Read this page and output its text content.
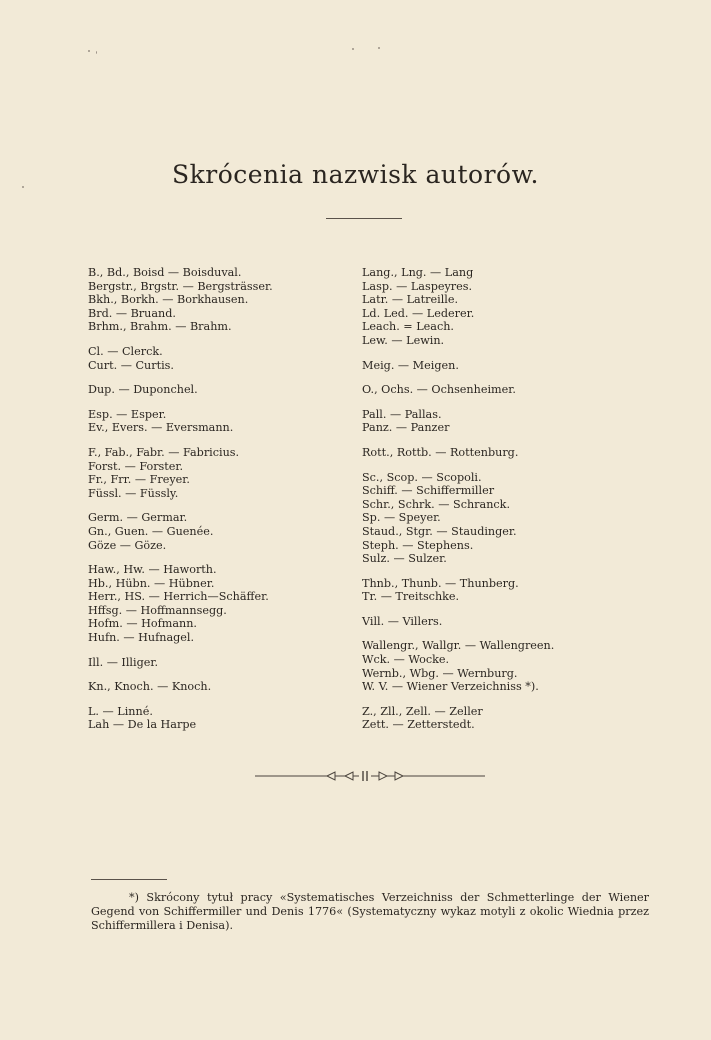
Skrócenia nazwisk autorów.
B., Bd., Boisd — Boisduval.
Bergstr., Brgstr. — Bergsträsser.
Bkh., Borkh. — Borkhausen.
Brd. — Bruand.
Brhm., Brahm. — Brahm.
Cl. — Clerck.
Curt. — Curtis.
Dup. — Duponchel.
Esp. — Esper.
Ev., Evers. — Eversmann.
F., Fab., Fabr. — Fabricius.
Forst. — Forster.
Fr., Frr. — Freyer.
Füssl. — Füssly.
Germ. — Germar.
Gn., Guen. — Guenée.
Göze — Göze.
Haw., Hw. — Haworth.
Hb., Hübn. — Hübner.
Herr., HS. — Herrich—Schäffer.
Hffsg. — Hoffmannsegg.
Hofm. — Hofmann.
Hufn. — Hufnagel.
Ill. — Illiger.
Kn., Knoch. — Knoch.
L. — Linné.
Lah — De la Harpe
Lang., Lng. — Lang
Lasp. — Laspeyres.
Latr. — Latreille.
Ld. Led. — Lederer.
Leach. = Leach.
Lew. — Lewin.
Meig. — Meigen.
O., Ochs. — Ochsenheimer.
Pall. — Pallas.
Panz. — Panzer
Rott., Rottb. — Rottenburg.
Sc., Scop. — Scopoli.
Schiff. — Schiffermiller
Schr., Schrk. — Schranck.
Sp. — Speyer.
Staud., Stgr. — Staudinger.
Steph. — Stephens.
Sulz. — Sulzer.
Thnb., Thunb. — Thunberg.
Tr. — Treitschke.
Vill. — Villers.
Wallengr., Wallgr. — Wallengreen.
Wck. — Wocke.
Wernb., Wbg. — Wernburg.
W. V. — Wiener Verzeichniss *).
Z., Zll., Zell. — Zeller
Zett. — Zetterstedt.
*) Skrócony tytuł pracy «Systematisches Verzeichniss der Schmetterlinge der Wiener Gegend von Schiffermiller und Denis 1776« (Systematyczny wykaz motyli z okolic Wiednia przez Schiffermillera i Denisa).
